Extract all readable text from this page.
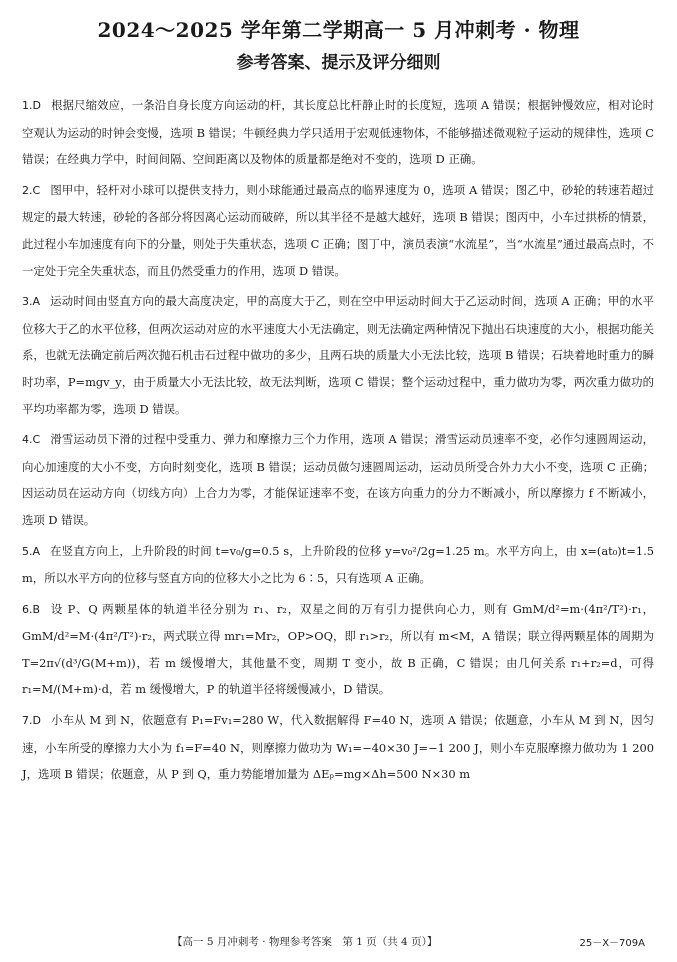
2024～2025 学年第二学期高一 5 月冲刺考 · 物理
参考答案、提示及评分细则

1.D 根据尺缩效应，一条沿自身长度方向运动的杆，其长度总比杆静止时的长度短，选项 A 错误；根据钟慢效应，相对论时空观认为运动的时钟会变慢，选项 B 错误；牛顿经典力学只适用于宏观低速物体，不能够描述微观粒子运动的规律性，选项 C 错误；在经典力学中，时间间隔、空间距离以及物体的质量都是绝对不变的，选项 D 正确。

2.C 图甲中，轻杆对小球可以提供支持力，则小球能通过最高点的临界速度为 0，选项 A 错误；图乙中，砂轮的转速若超过规定的最大转速，砂轮的各部分将因离心运动而破碎，所以其半径不是越大越好，选项 B 错误；图丙中，小车过拱桥的情景，此过程小车加速度有向下的分量，则处于失重状态，选项 C 正确；图丁中，演员表演“水流星”，当“水流星”通过最高点时，不一定处于完全失重状态，而且仍然受重力的作用，选项 D 错误。

3.A 运动时间由竖直方向的最大高度决定，甲的高度大于乙，则在空中甲运动时间大于乙运动时间，选项 A 正确；甲的水平位移大于乙的水平位移，但两次运动对应的水平速度大小无法确定，则无法确定两种情况下抛出石块速度的大小，根据功能关系，也就无法确定前后两次抛石机击石过程中做功的多少，且两石块的质量大小无法比较，选项 B 错误；石块着地时重力的瞬时功率，P=mgv_y，由于质量大小无法比较，故无法判断，选项 C 错误；整个运动过程中，重力做功为零，两次重力做功的平均功率都为零，选项 D 错误。

4.C 滑雪运动员下滑的过程中受重力、弹力和摩擦力三个力作用，选项 A 错误；滑雪运动员速率不变，必作匀速圆周运动，向心加速度的大小不变，方向时刻变化，选项 B 错误；运动员做匀速圆周运动，运动员所受合外力大小不变，选项 C 正确；因运动员在运动方向（切线方向）上合力为零，才能保证速率不变，在该方向重力的分力不断减小，所以摩擦力 f 不断减小，选项 D 错误。

5.A 在竖直方向上，上升阶段的时间 t=v₀/g=0.5 s，上升阶段的位移 y=v₀²/2g=1.25 m。水平方向上，由 x=(at₀)t=1.5 m，所以水平方向的位移与竖直方向的位移大小之比为 6∶5，只有选项 A 正确。

6.B 设 P、Q 两颗星体的轨道半径分别为 r₁、r₂，双星之间的万有引力提供向心力，则有 GmM/d²=m·(4π²/T²)·r₁，GmM/d²=M·(4π²/T²)·r₂，两式联立得 mr₁=Mr₂，OP>OQ，即 r₁>r₂，所以有 m<M，A 错误；联立得两颗星体的周期为 T=2π√(d³/G(M+m))，若 m 缓慢增大，其他量不变，周期 T 变小，故 B 正确，C 错误；由几何关系 r₁+r₂=d，可得 r₁=M/(M+m)·d，若 m 缓慢增大，P 的轨道半径将缓慢减小，D 错误。

7.D 小车从 M 到 N，依题意有 P₁=Fv₁=280 W，代入数据解得 F=40 N，选项 A 错误；依题意，小车从 M 到 N，因匀速，小车所受的摩擦力大小为 f₁=F=40 N，则摩擦力做功为 W₁=−40×30 J=−1 200 J，则小车克服摩擦力做功为 1 200 J，选项 B 错误；依题意，从 P 到 Q，重力势能增加量为 ΔEₚ=mg×Δh=500 N×30 m

【高一 5 月冲刺考 · 物理参考答案　第 1 页（共 4 页）】	25－X－709A
